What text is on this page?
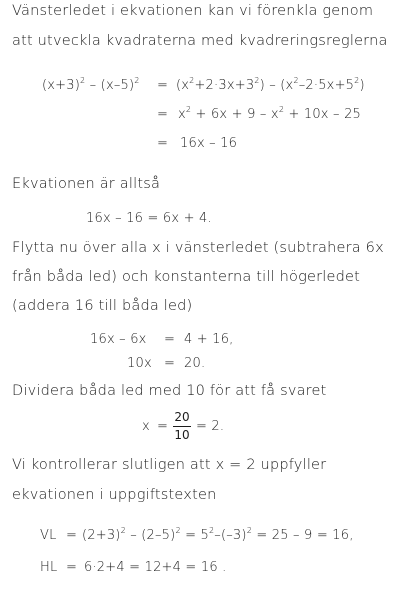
Vänsterledet i ekvationen kan vi förenkla genom
att utveckla kvadraterna med kvadreringsreglerna
$(x+3)^2 - (x-5)^2 = (x^2+2\cdot 3x+3^2) - (x^2-2\cdot 5x+5^2)$
= $x^2 + 6x + 9 - x^2 + 10x - 25$
= 16x – 16
Ekvationen är alltså
16x – 16 = 6x + 4.
Flytta nu över alla x i vänsterledet (subtrahera 6x
från båda led) och konstanterna till högerledet
(addera 16 till båda led)
16x – 6x = 4 + 16,
10x = 20.
Dividera båda led med 10 för att få svaret
x =
20
10
= 2.
Vi kontrollerar slutligen att x = 2 uppfyller
ekvationen i uppgiftstexten
VL = $(2+3)^2 - (2-5)^2 = 5^2-(-3)^2 = 25 - 9 = 16$,
HL = 6·2+4 = 12+4 = 16 .
